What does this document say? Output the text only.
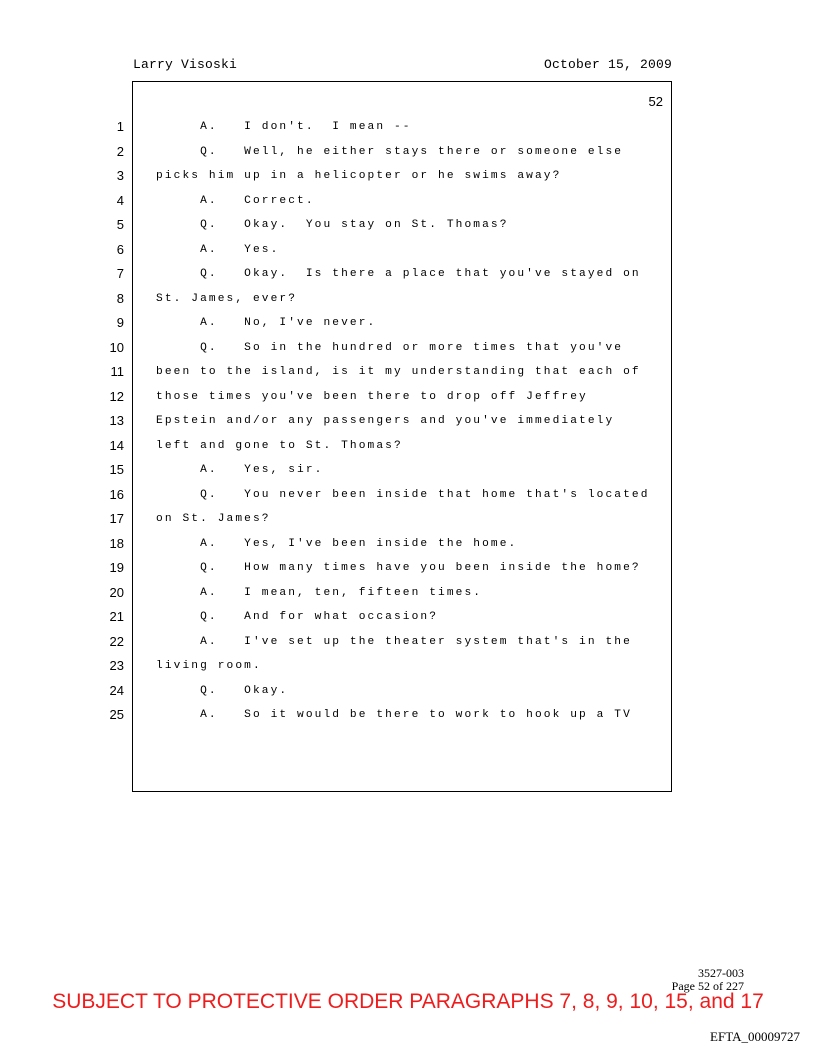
Larry Visoski	October 15, 2009
52
1
2
3
4
5
6
7
8
9
10
11
12
13
14
15
16
17
18
19
20
21
22
23
24
25
A.   I don't.  I mean --
Q.   Well, he either stays there or someone else
picks him up in a helicopter or he swims away?
A.   Correct.
Q.   Okay.  You stay on St. Thomas?
A.   Yes.
Q.   Okay.  Is there a place that you've stayed on
St. James, ever?
A.   No, I've never.
Q.   So in the hundred or more times that you've
been to the island, is it my understanding that each of
those times you've been there to drop off Jeffrey
Epstein and/or any passengers and you've immediately
left and gone to St. Thomas?
A.   Yes, sir.
Q.   You never been inside that home that's located
on St. James?
A.   Yes, I've been inside the home.
Q.   How many times have you been inside the home?
A.   I mean, ten, fifteen times.
Q.   And for what occasion?
A.   I've set up the theater system that's in the
living room.
Q.   Okay.
A.   So it would be there to work to hook up a TV
3527-003
Page 52 of 227
SUBJECT TO PROTECTIVE ORDER PARAGRAPHS 7, 8, 9, 10, 15, and 17
EFTA_00009727
